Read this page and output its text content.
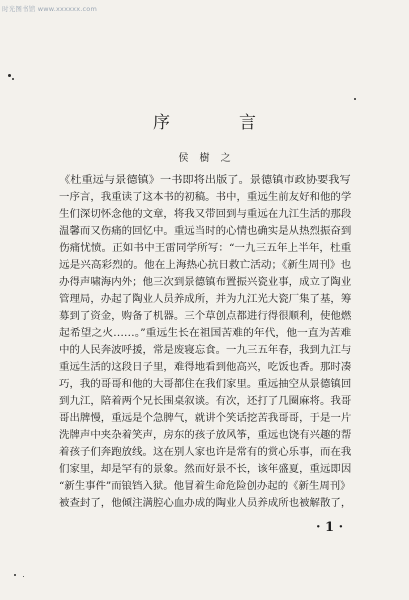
时光图书馆 www.xxxxxx.com
序　言
侯 樹 之
《杜重远与景德镇》一书即将出版了。景德镇市政协要我写
一序言，我重读了这本书的初稿。书中，重远生前友好和他的学
生们深切怀念他的文章，将我又带回到与重远在九江生活的那段
温馨而又伤痛的回忆中。重远当时的心情也确实是从热烈振奋到
伤痛忧愤。正如书中王雷同学所写：“一九三五年上半年，杜重
远是兴高彩烈的。他在上海热心抗日救亡活动；《新生周刊》也
办得声啸海内外；他三次到景德镇布置振兴瓷业事，成立了陶业
管理局，办起了陶业人员养成所，并为九江光大瓷厂集了基，筹
募到了资金，购备了机器。三个草创点都进行得很顺利，使他燃
起希望之火……。”重远生长在祖国苦难的年代，他一直为苦难
中的人民奔波呼援，常是废寝忘食。一九三五年春，我到九江与
重远生活的这段日子里，难得地看到他高兴，吃饭也香。那时凑
巧，我的哥哥和他的大哥都住在我们家里。重远抽空从景德镇回
到九江，陪着两个兄长围桌叙谈。有次，还打了几圈麻将。我哥
哥出牌慢，重远是个急脾气，就讲个笑话挖苦我哥哥，于是一片
洗牌声中夹杂着笑声，房东的孩子放风筝，重远也饶有兴趣的帮
着孩子们奔跑放线。这在别人家也许是常有的赏心乐事，而在我
们家里，却是罕有的景象。然而好景不长，该年盛夏，重远即因
“新生事件”而锒铛入狱。他冒着生命危险创办起的《新生周刊》
被查封了，他倾注满腔心血办成的陶业人员养成所也被解散了，
· 1 ·
